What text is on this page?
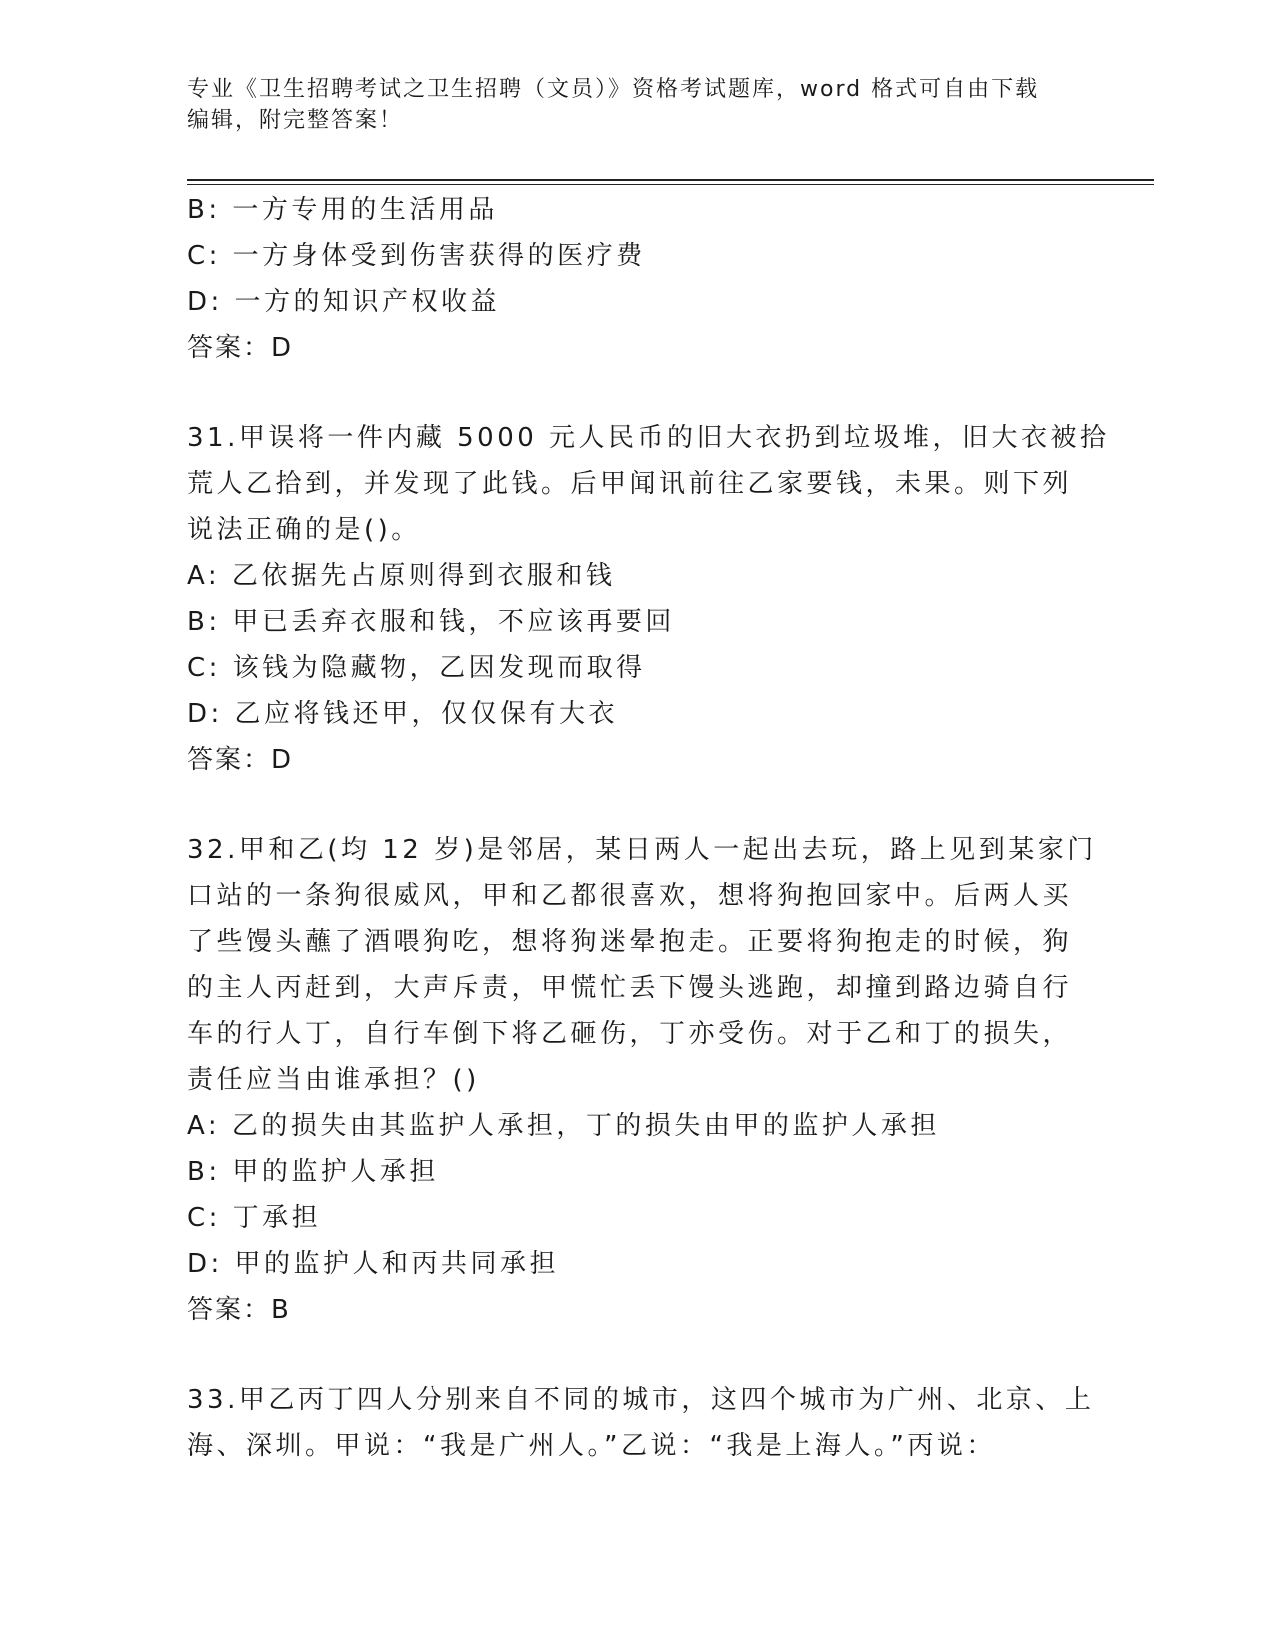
专业《卫生招聘考试之卫生招聘（文员）》资格考试题库，word 格式可自由下载
编辑，附完整答案！
B: 一方专用的生活用品
C: 一方身体受到伤害获得的医疗费
D: 一方的知识产权收益
答案：D
31.甲误将一件内藏 5000 元人民币的旧大衣扔到垃圾堆，旧大衣被拾
荒人乙拾到，并发现了此钱。后甲闻讯前往乙家要钱，未果。则下列
说法正确的是()。
A: 乙依据先占原则得到衣服和钱
B: 甲已丢弃衣服和钱，不应该再要回
C: 该钱为隐藏物，乙因发现而取得
D: 乙应将钱还甲，仅仅保有大衣
答案：D
32.甲和乙(均 12 岁)是邻居，某日两人一起出去玩，路上见到某家门
口站的一条狗很威风，甲和乙都很喜欢，想将狗抱回家中。后两人买
了些馒头蘸了酒喂狗吃，想将狗迷晕抱走。正要将狗抱走的时候，狗
的主人丙赶到，大声斥责，甲慌忙丢下馒头逃跑，却撞到路边骑自行
车的行人丁，自行车倒下将乙砸伤，丁亦受伤。对于乙和丁的损失，
责任应当由谁承担？()
A: 乙的损失由其监护人承担，丁的损失由甲的监护人承担
B: 甲的监护人承担
C: 丁承担
D: 甲的监护人和丙共同承担
答案：B
33.甲乙丙丁四人分别来自不同的城市，这四个城市为广州、北京、上
海、深圳。甲说：“我是广州人。”乙说：“我是上海人。”丙说：
